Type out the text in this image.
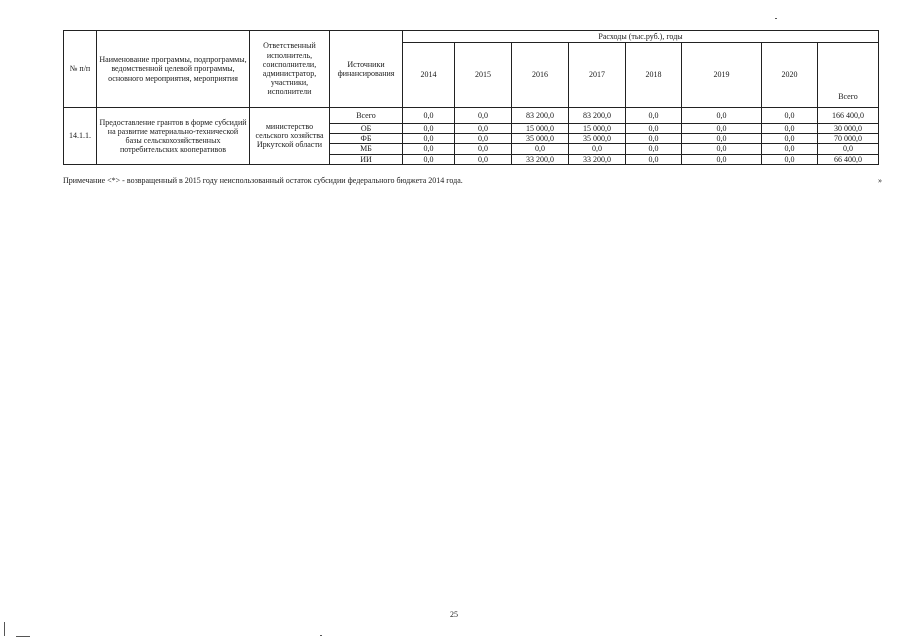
№ п/п	Наименование программы, подпрограммы, ведомственной целевой программы, основного мероприятия, мероприятия	Ответственный исполнитель, соисполнители, администратор, участники, исполнители	Источники финансирования	Расходы (тыс.руб.), годы							
				2014	2015	2016	2017	2018	2019	2020	Всего
14.1.1.	Предоставление грантов в форме субсидий на развитие материально-технической базы сельскохозяйственных потребительских кооперативов	министерство сельского хозяйства Иркутской области	Всего	0,0	0,0	83 200,0	83 200,0	0,0	0,0	0,0	166 400,0
			ОБ	0,0	0,0	15 000,0	15 000,0	0,0	0,0	0,0	30 000,0
			ФБ	0,0	0,0	35 000,0	35 000,0	0,0	0,0	0,0	70 000,0
			МБ	0,0	0,0	0,0	0,0	0,0	0,0	0,0	0,0
			ИИ	0,0	0,0	33 200,0	33 200,0	0,0	0,0	0,0	66 400,0
Примечание <*> - возвращенный в 2015 году неиспользованный остаток субсидии федерального бюджета 2014 года.	»
25
